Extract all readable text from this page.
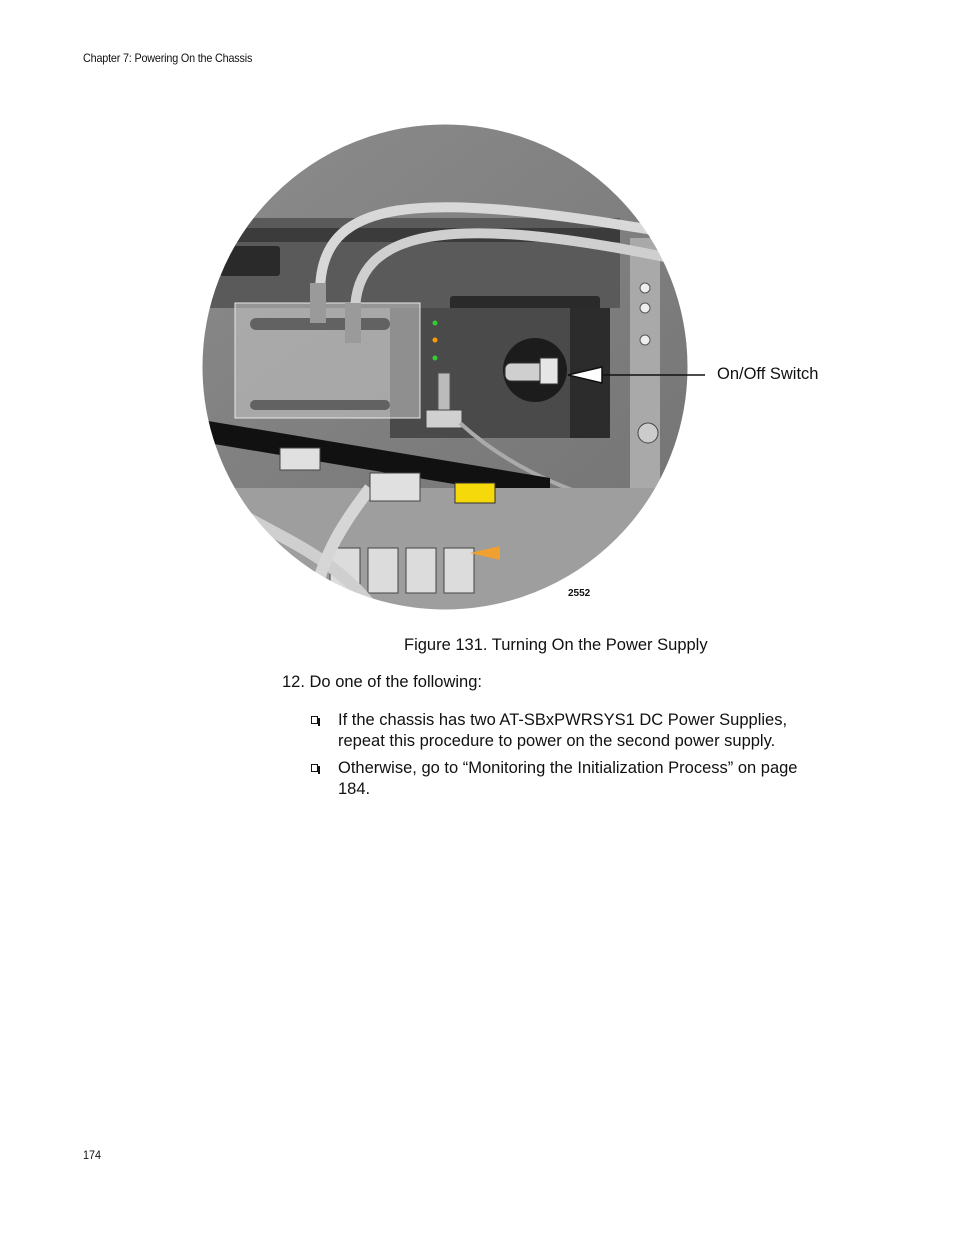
Chapter 7: Powering On the Chassis
2552
On/Off Switch
Figure 131. Turning On the Power Supply
12. Do one of the following:
If the chassis has two AT-SBxPWRSYS1 DC Power Supplies, repeat this procedure to power on the second power supply.
Otherwise, go to “Monitoring the Initialization Process” on page 184.
174
